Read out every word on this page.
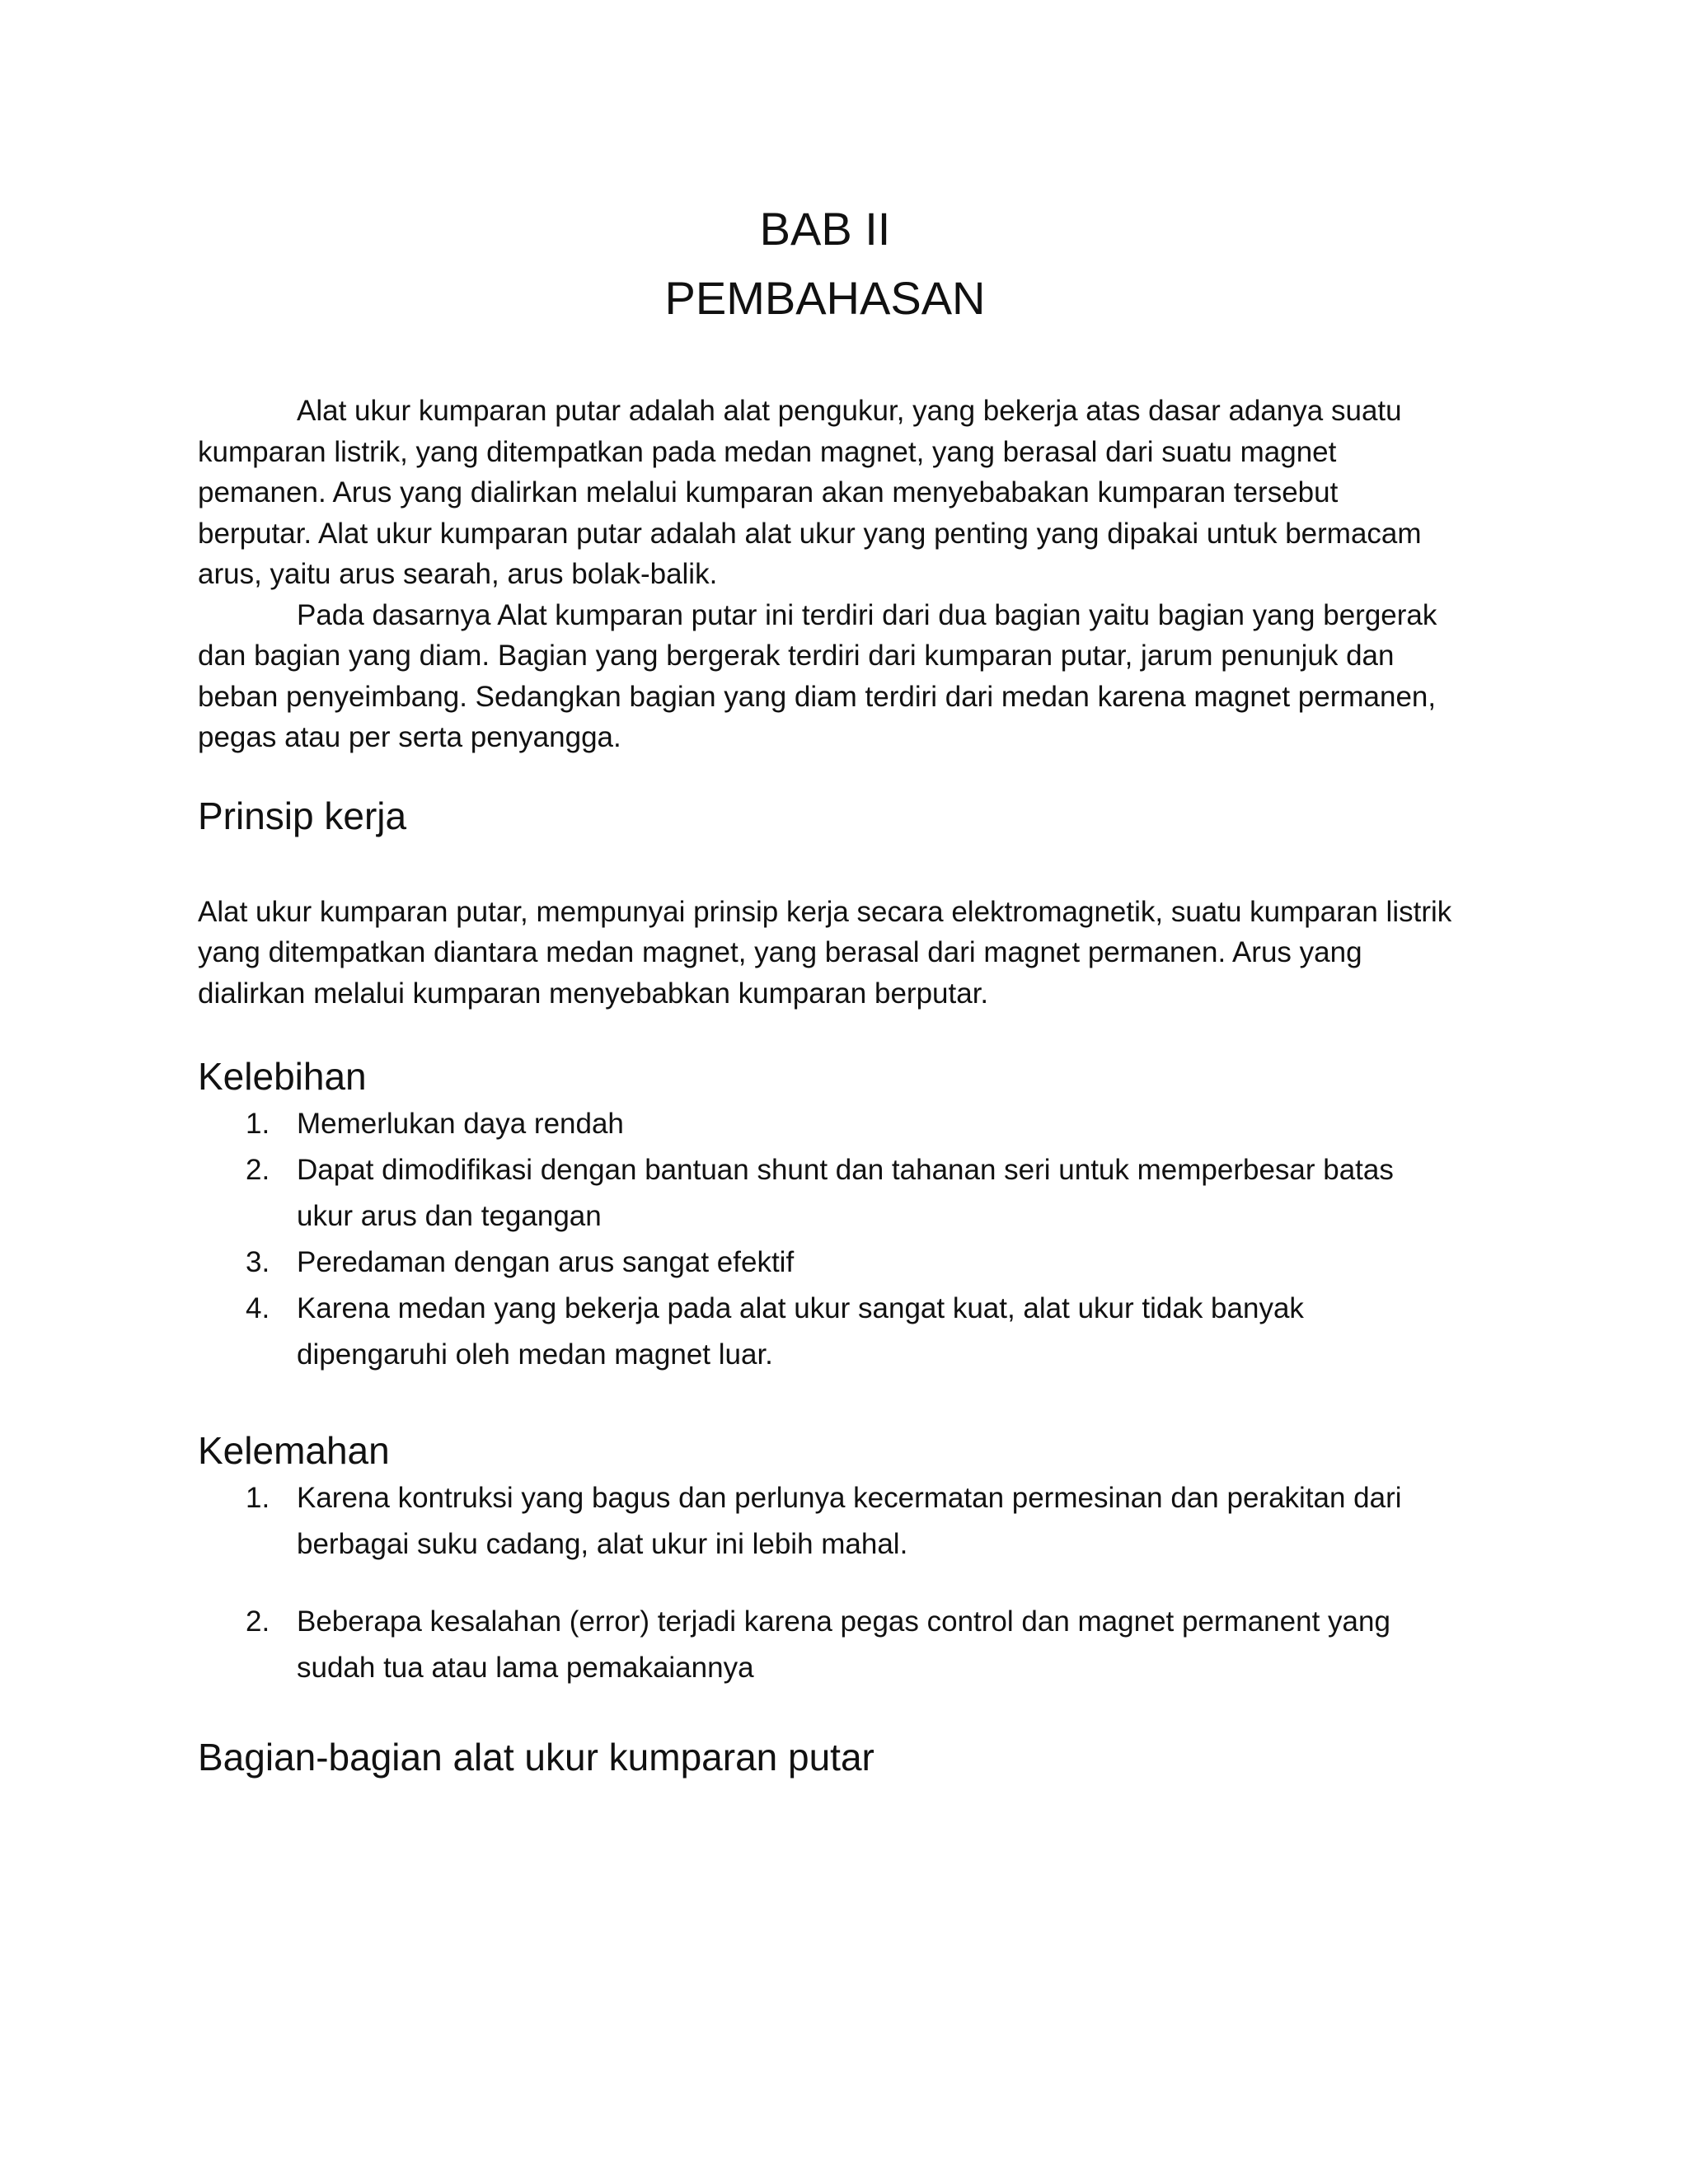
BAB II
PEMBAHASAN

Alat ukur kumparan putar adalah alat pengukur, yang bekerja atas dasar adanya suatu kumparan listrik, yang ditempatkan pada medan magnet, yang berasal dari suatu magnet pemanen. Arus yang dialirkan melalui kumparan akan menyebabakan kumparan tersebut berputar. Alat ukur kumparan putar adalah alat ukur yang penting yang dipakai untuk bermacam arus, yaitu arus searah, arus bolak-balik.

Pada dasarnya Alat kumparan putar ini terdiri dari dua bagian yaitu bagian yang bergerak dan bagian yang diam. Bagian yang bergerak terdiri dari kumparan putar, jarum penunjuk dan beban penyeimbang. Sedangkan bagian yang diam terdiri dari medan karena magnet permanen, pegas atau per serta penyangga.

Prinsip kerja

Alat ukur kumparan putar, mempunyai prinsip kerja secara elektromagnetik, suatu kumparan listrik yang ditempatkan diantara medan magnet, yang berasal dari magnet permanen. Arus yang dialirkan melalui kumparan menyebabkan kumparan berputar.

Kelebihan
1. Memerlukan daya rendah
2. Dapat dimodifikasi dengan bantuan shunt dan tahanan seri untuk memperbesar batas ukur arus dan tegangan
3. Peredaman dengan arus sangat efektif
4. Karena medan yang bekerja pada alat ukur sangat kuat, alat ukur tidak banyak dipengaruhi oleh medan magnet luar.
Kelemahan
1. Karena kontruksi yang bagus dan perlunya kecermatan permesinan dan perakitan dari berbagai suku cadang, alat ukur ini lebih mahal.
2. Beberapa kesalahan (error) terjadi karena pegas control dan magnet permanent yang sudah tua atau lama pemakaiannya
Bagian-bagian alat ukur kumparan putar
